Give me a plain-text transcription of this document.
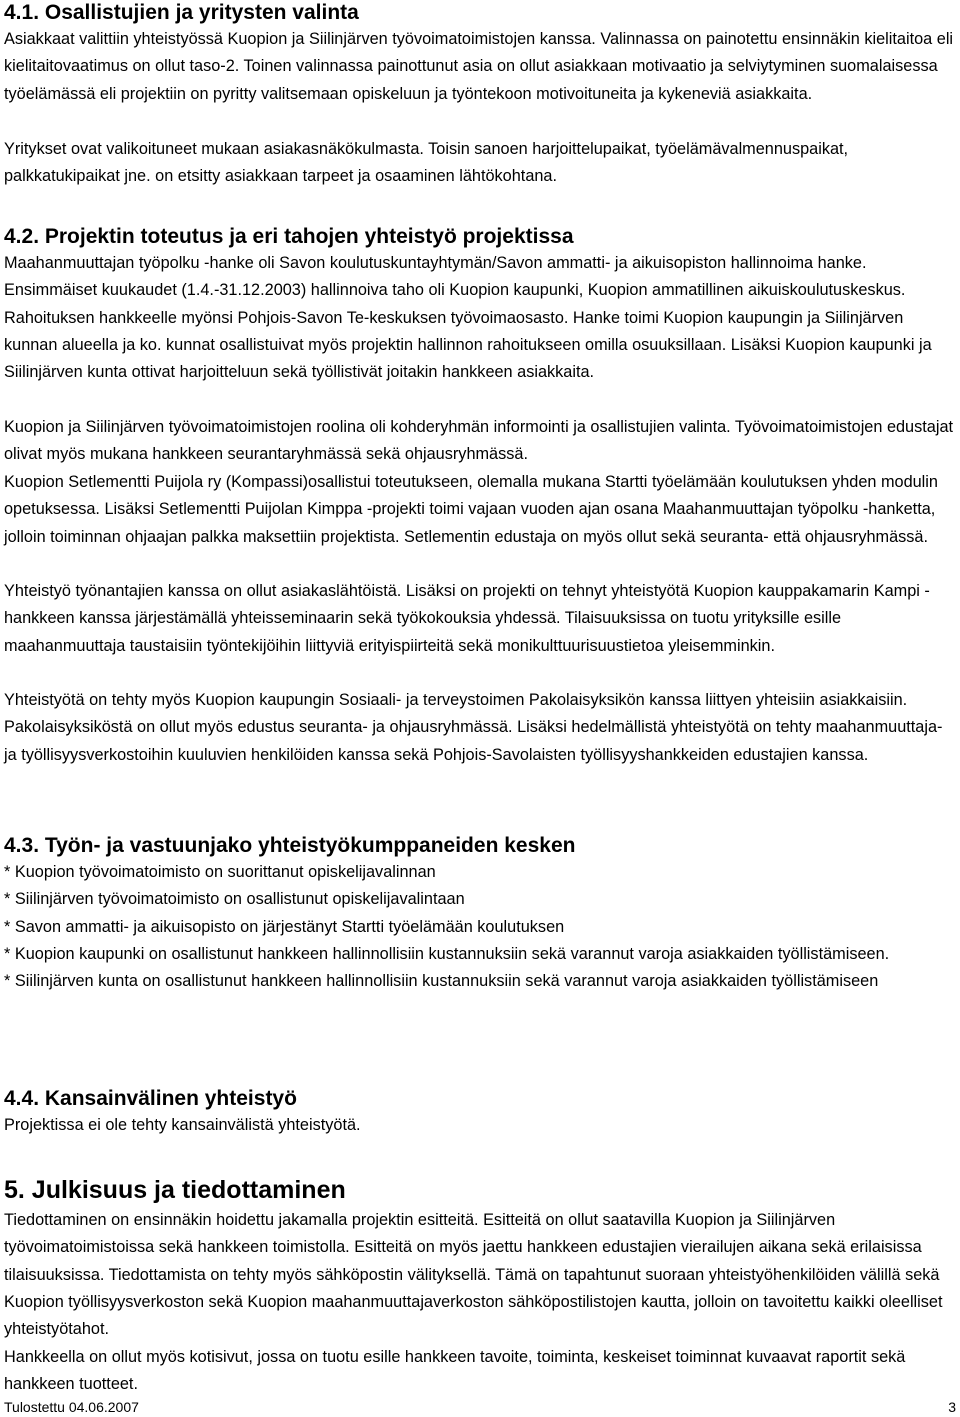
4.1. Osallistujien ja yritysten valinta

Asiakkaat valittiin yhteistyössä Kuopion ja Siilinjärven työvoimatoimistojen kanssa. Valinnassa on painotettu ensinnäkin kielitaitoa eli kielitaitovaatimus on ollut taso-2. Toinen valinnassa painottunut asia on ollut asiakkaan motivaatio ja selviytyminen suomalaisessa työelämässä eli projektiin on pyritty valitsemaan opiskeluun ja työntekoon motivoituneita ja kykeneviä asiakkaita.

Yritykset ovat valikoituneet mukaan asiakasnäkökulmasta. Toisin sanoen harjoittelupaikat, työelämävalmennuspaikat, palkkatukipaikat jne. on etsitty asiakkaan tarpeet ja osaaminen lähtökohtana.

4.2. Projektin toteutus ja eri tahojen yhteistyö projektissa

Maahanmuuttajan työpolku -hanke oli Savon koulutuskuntayhtymän/Savon ammatti- ja aikuisopiston hallinnoima hanke. Ensimmäiset kuukaudet (1.4.-31.12.2003) hallinnoiva taho oli Kuopion kaupunki, Kuopion ammatillinen aikuiskoulutuskeskus. Rahoituksen hankkeelle myönsi Pohjois-Savon Te-keskuksen työvoimaosasto. Hanke toimi Kuopion kaupungin ja Siilinjärven kunnan alueella ja ko. kunnat osallistuivat myös projektin hallinnon rahoitukseen omilla osuuksillaan. Lisäksi Kuopion kaupunki ja Siilinjärven kunta ottivat harjoitteluun sekä työllistivät joitakin hankkeen asiakkaita.

Kuopion ja Siilinjärven työvoimatoimistojen roolina oli kohderyhmän informointi ja osallistujien valinta. Työvoimatoimistojen edustajat olivat myös mukana hankkeen seurantaryhmässä sekä ohjausryhmässä.

Kuopion Setlementti Puijola ry (Kompassi)osallistui toteutukseen, olemalla mukana Startti työelämään koulutuksen yhden modulin opetuksessa. Lisäksi Setlementti Puijolan Kimppa -projekti toimi vajaan vuoden ajan osana Maahanmuuttajan työpolku -hanketta, jolloin toiminnan ohjaajan palkka maksettiin projektista. Setlementin edustaja on myös ollut sekä seuranta- että ohjausryhmässä.

Yhteistyö työnantajien kanssa on ollut asiakaslähtöistä. Lisäksi on projekti on tehnyt yhteistyötä Kuopion kauppakamarin Kampi -hankkeen kanssa järjestämällä yhteisseminaarin sekä työkokouksia yhdessä. Tilaisuuksissa on tuotu yrityksille esille maahanmuuttaja taustaisiin työntekijöihin liittyviä erityispiirteitä sekä monikulttuurisuustietoa yleisemminkin.

Yhteistyötä on tehty myös Kuopion kaupungin Sosiaali- ja terveystoimen Pakolaisyksikön kanssa liittyen yhteisiin asiakkaisiin. Pakolaisyksiköstä on ollut myös edustus seuranta- ja ohjausryhmässä. Lisäksi hedelmällistä yhteistyötä on tehty maahanmuuttaja- ja työllisyysverkostoihin kuuluvien henkilöiden kanssa sekä Pohjois-Savolaisten työllisyyshankkeiden edustajien kanssa.

4.3. Työn- ja vastuunjako yhteistyökumppaneiden kesken
* Kuopion työvoimatoimisto on suorittanut opiskelijavalinnan
* Siilinjärven työvoimatoimisto on osallistunut opiskelijavalintaan
* Savon ammatti- ja aikuisopisto on järjestänyt Startti työelämään koulutuksen
* Kuopion kaupunki on osallistunut hankkeen hallinnollisiin kustannuksiin sekä varannut varoja asiakkaiden työllistämiseen.
* Siilinjärven kunta on osallistunut hankkeen hallinnollisiin kustannuksiin sekä varannut varoja asiakkaiden työllistämiseen
4.4. Kansainvälinen yhteistyö

Projektissa ei ole tehty kansainvälistä yhteistyötä.

5. Julkisuus ja tiedottaminen

Tiedottaminen on ensinnäkin hoidettu jakamalla projektin esitteitä. Esitteitä on ollut saatavilla Kuopion ja Siilinjärven työvoimatoimistoissa sekä hankkeen toimistolla. Esitteitä on myös jaettu hankkeen edustajien vierailujen aikana sekä erilaisissa tilaisuuksissa. Tiedottamista on tehty myös sähköpostin välityksellä. Tämä on tapahtunut suoraan yhteistyöhenkilöiden välillä sekä Kuopion työllisyysverkoston sekä Kuopion maahanmuuttajaverkoston sähköpostilistojen kautta, jolloin on tavoitettu kaikki oleelliset yhteistyötahot.

Hankkeella on ollut myös kotisivut, jossa on tuotu esille hankkeen tavoite, toiminta, keskeiset toiminnat kuvaavat raportit sekä hankkeen tuotteet.

Tulostettu 04.06.2007	3
